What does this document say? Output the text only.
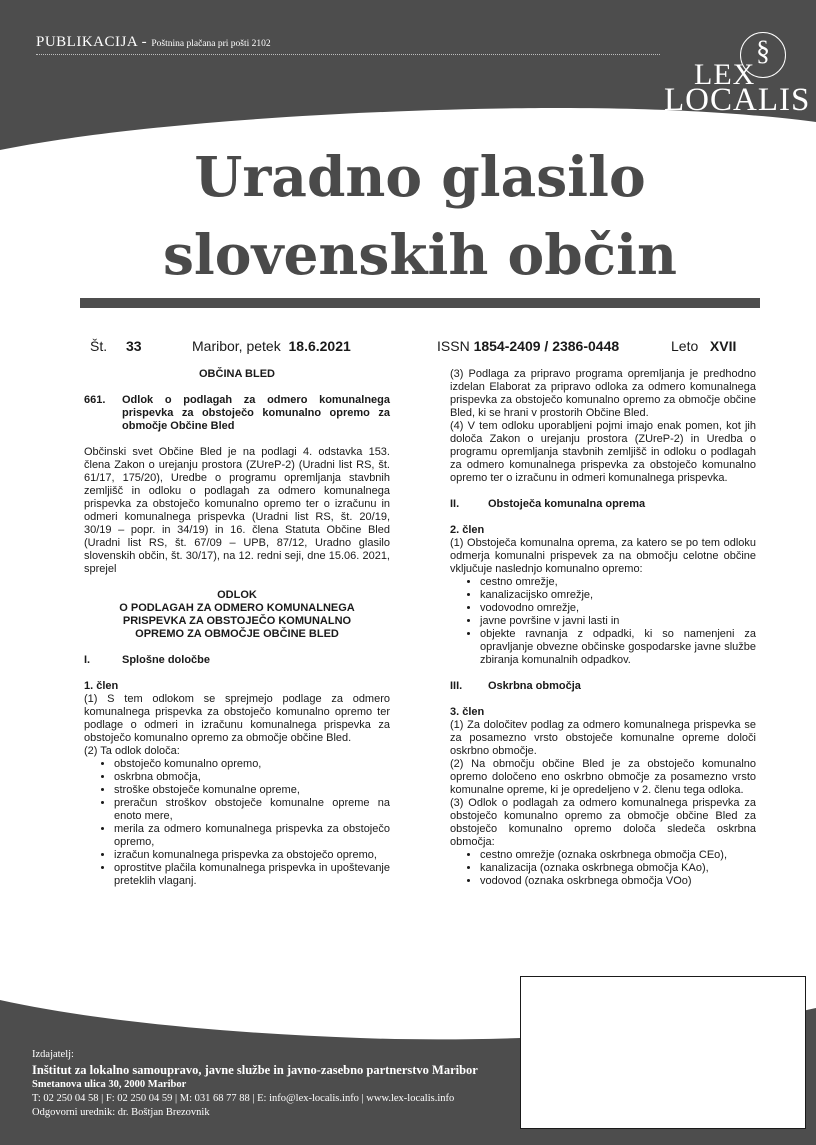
PUBLIKACIJA - Poštnina plačana pri pošti 2102	§
LEX
LOCALIS
Uradno glasilo
slovenskih občin
Št. 33	Maribor, petek 18.6.2021	ISSN 1854-2409 / 2386-0448	Leto XVII

OBČINA BLED

661.	Odlok o podlagah za odmero komunalnega prispevka za obstoječo komunalno opremo za območje Občine Bled

Občinski svet Občine Bled je na podlagi 4. odstavka 153. člena Zakon o urejanju prostora (ZUreP-2) (Uradni list RS, št. 61/17, 175/20), Uredbe o programu opremljanja stavbnih zemljišč in odloku o podlagah za odmero komunalnega prispevka za obstoječo komunalno opremo ter o izračunu in odmeri komunalnega prispevka (Uradni list RS, št. 20/19, 30/19 – popr. in 34/19) in 16. člena Statuta Občine Bled (Uradni list RS, št. 67/09 – UPB, 87/12, Uradno glasilo slovenskih občin, št. 30/17), na 12. redni seji, dne 15.06. 2021, sprejel

ODLOK
O PODLAGAH ZA ODMERO KOMUNALNEGA
PRISPEVKA ZA OBSTOJEČO KOMUNALNO
OPREMO ZA OBMOČJE OBČINE BLED

I.	Splošne določbe

1. člen

(1) S tem odlokom se sprejmejo podlage za odmero komunalnega prispevka za obstoječo komunalno opremo ter podlage o odmeri in izračunu komunalnega prispevka za obstoječo komunalno opremo za območje občine Bled.

(2) Ta odlok določa:

• obstoječo komunalno opremo,
• oskrbna območja,
• stroške obstoječe komunalne opreme,
• preračun stroškov obstoječe komunalne opreme na enoto mere,
• merila za odmero komunalnega prispevka za obstoječo opremo,
• izračun komunalnega prispevka za obstoječo opremo,
• oprostitve plačila komunalnega prispevka in upoštevanje preteklih vlaganj.

(3) Podlaga za pripravo programa opremljanja je predhodno izdelan Elaborat za pripravo odloka za odmero komunalnega prispevka za obstoječo komunalno opremo za območje občine Bled, ki se hrani v prostorih Občine Bled.

(4) V tem odloku uporabljeni pojmi imajo enak pomen, kot jih določa Zakon o urejanju prostora (ZUreP-2) in Uredba o programu opremljanja stavbnih zemljišč in odloku o podlagah za odmero komunalnega prispevka za obstoječo komunalno opremo ter o izračunu in odmeri komunalnega prispevka.

II.	Obstoječa komunalna oprema

2. člen

(1) Obstoječa komunalna oprema, za katero se po tem odloku odmerja komunalni prispevek za na območju celotne občine vključuje naslednjo komunalno opremo:

• cestno omrežje,
• kanalizacijsko omrežje,
• vodovodno omrežje,
• javne površine v javni lasti in
• objekte ravnanja z odpadki, ki so namenjeni za opravljanje obvezne občinske gospodarske javne službe zbiranja komunalnih odpadkov.

III. Oskrbna območja

3. člen

(1) Za določitev podlag za odmero komunalnega prispevka se za posamezno vrsto obstoječe komunalne opreme določi oskrbno območje.

(2) Na območju občine Bled je za obstoječo komunalno opremo določeno eno oskrbno območje za posamezno vrsto komunalne opreme, ki je opredeljeno v 2. členu tega odloka.

(3) Odlok o podlagah za odmero komunalnega prispevka za obstoječo komunalno opremo za območje občine Bled za obstoječo komunalno opremo določa sledeča oskrbna območja:

• cestno omrežje (oznaka oskrbnega območja CEo),
• kanalizacija (oznaka oskrbnega območja KAo),
• vodovod (oznaka oskrbnega območja VOo)
Izdajatelj:
Inštitut za lokalno samoupravo, javne službe in javno-zasebno partnerstvo Maribor
Smetanova ulica 30, 2000 Maribor
T: 02 250 04 58 | F: 02 250 04 59 | M: 031 68 77 88 | E: info@lex-localis.info | www.lex-localis.info
Odgovorni urednik: dr. Boštjan Brezovnik
